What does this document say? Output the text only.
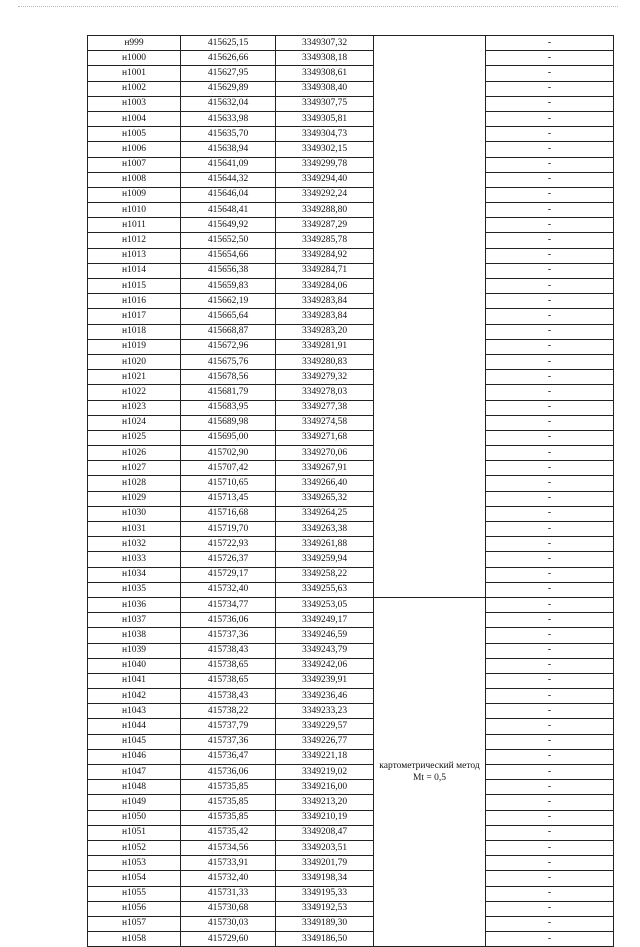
н999	415625,15	3349307,32		-
н1000	415626,66	3349308,18		-
н1001	415627,95	3349308,61		-
н1002	415629,89	3349308,40		-
н1003	415632,04	3349307,75		-
н1004	415633,98	3349305,81		-
н1005	415635,70	3349304,73		-
н1006	415638,94	3349302,15		-
н1007	415641,09	3349299,78		-
н1008	415644,32	3349294,40		-
н1009	415646,04	3349292,24		-
н1010	415648,41	3349288,80		-
н1011	415649,92	3349287,29		-
н1012	415652,50	3349285,78		-
н1013	415654,66	3349284,92		-
н1014	415656,38	3349284,71		-
н1015	415659,83	3349284,06		-
н1016	415662,19	3349283,84		-
н1017	415665,64	3349283,84		-
н1018	415668,87	3349283,20		-
н1019	415672,96	3349281,91		-
н1020	415675,76	3349280,83		-
н1021	415678,56	3349279,32		-
н1022	415681,79	3349278,03		-
н1023	415683,95	3349277,38		-
н1024	415689,98	3349274,58		-
н1025	415695,00	3349271,68		-
н1026	415702,90	3349270,06		-
н1027	415707,42	3349267,91		-
н1028	415710,65	3349266,40		-
н1029	415713,45	3349265,32		-
н1030	415716,68	3349264,25		-
н1031	415719,70	3349263,38		-
н1032	415722,93	3349261,88		-
н1033	415726,37	3349259,94		-
н1034	415729,17	3349258,22		-
н1035	415732,40	3349255,63		-
н1036	415734,77	3349253,05	картометрический метод Mt = 0,5	-
н1037	415736,06	3349249,17		-
н1038	415737,36	3349246,59		-
н1039	415738,43	3349243,79		-
н1040	415738,65	3349242,06		-
н1041	415738,65	3349239,91		-
н1042	415738,43	3349236,46		-
н1043	415738,22	3349233,23		-
н1044	415737,79	3349229,57		-
н1045	415737,36	3349226,77		-
н1046	415736,47	3349221,18		-
н1047	415736,06	3349219,02		-
н1048	415735,85	3349216,00		-
н1049	415735,85	3349213,20		-
н1050	415735,85	3349210,19		-
н1051	415735,42	3349208,47		-
н1052	415734,56	3349203,51		-
н1053	415733,91	3349201,79		-
н1054	415732,40	3349198,34		-
н1055	415731,33	3349195,33		-
н1056	415730,68	3349192,53		-
н1057	415730,03	3349189,30		-
н1058	415729,60	3349186,50		-
